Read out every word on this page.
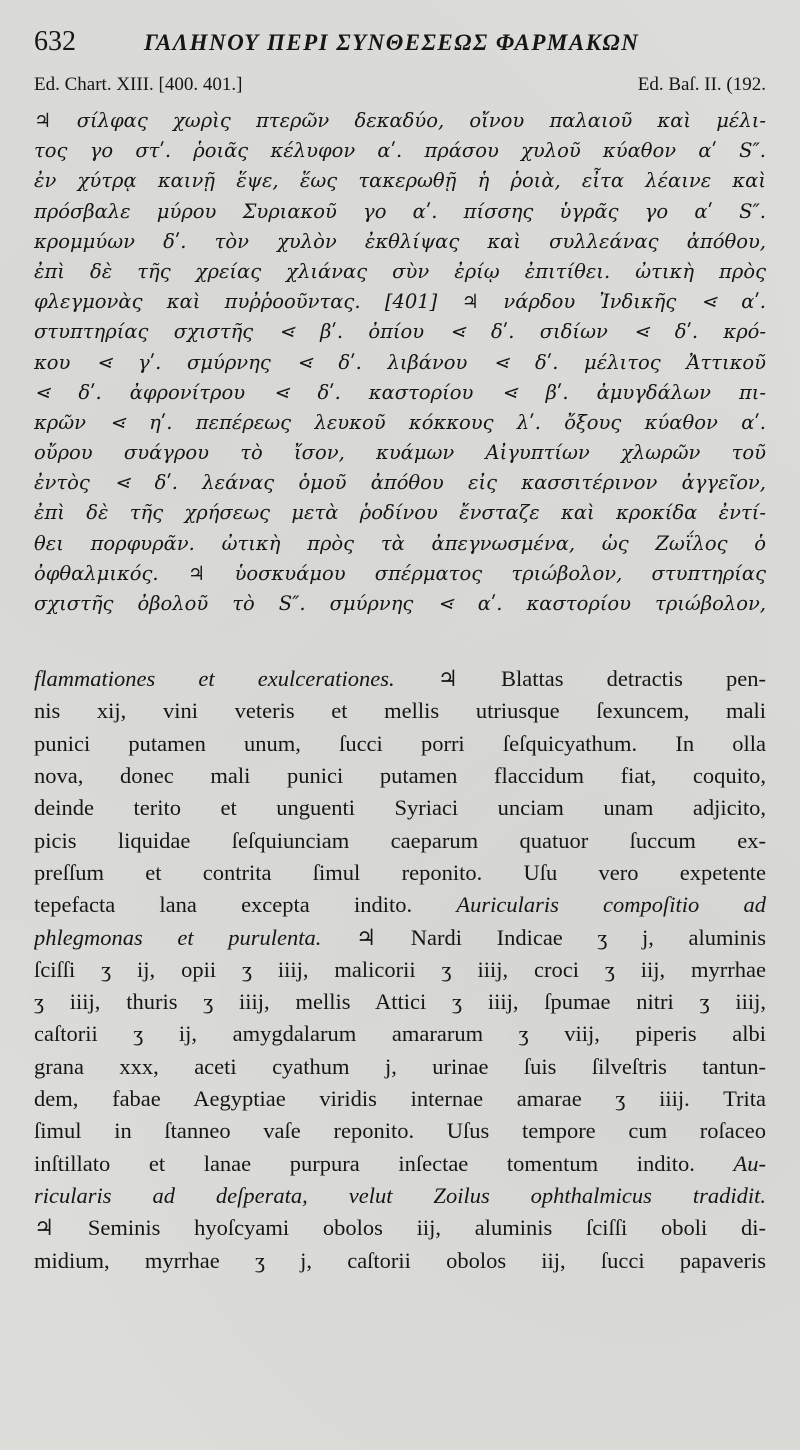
632	ΓΑΛΗΝΟΥ ΠΕΡΙ ΣΥΝΘΕΣΕΩΣ ΦΑΡΜΑΚΩΝ
Ed. Chart. XIII. [400. 401.]	Ed. Baſ. II. (192.
♃ σίλφας χωρὶς πτερῶν δεκαδύο, οἴνου παλαιοῦ καὶ μέλι-
τος γο στʹ. ῥοιᾶς κέλυφον αʹ. πράσου χυλοῦ κύαθον αʹ S″.
ἐν χύτρᾳ καινῇ ἕψε, ἕως τακερωθῇ ἡ ῥοιὰ, εἶτα λέαινε καὶ
πρόσβαλε μύρου Συριακοῦ γο αʹ. πίσσης ὑγρᾶς γο αʹ S″.
κρομμύων δʹ. τὸν χυλὸν ἐκθλίψας καὶ συλλεάνας ἀπόθου,
ἐπὶ δὲ τῆς χρείας χλιάνας σὺν ἐρίῳ ἐπιτίθει. ὠτικὴ πρὸς
φλεγμονὰς καὶ πυῤῥοοῦντας. [401] ♃ νάρδου Ἰνδικῆς ⋖ αʹ.
στυπτηρίας σχιστῆς ⋖ βʹ. ὀπίου ⋖ δʹ. σιδίων ⋖ δʹ. κρό-
κου ⋖ γʹ. σμύρνης ⋖ δʹ. λιβάνου ⋖ δʹ. μέλιτος Ἀττικοῦ
⋖ δʹ. ἀφρονίτρου ⋖ δʹ. καστορίου ⋖ βʹ. ἀμυγδάλων πι-
κρῶν ⋖ ηʹ. πεπέρεως λευκοῦ κόκκους λʹ. ὄξους κύαθον αʹ.
οὔρου συάγρου τὸ ἴσον, κυάμων Αἰγυπτίων χλωρῶν τοῦ
ἐντὸς ⋖ δʹ. λεάνας ὁμοῦ ἀπόθου εἰς κασσιτέρινον ἀγγεῖον,
ἐπὶ δὲ τῆς χρήσεως μετὰ ῥοδίνου ἔνσταζε καὶ κροκίδα ἐντί-
θει πορφυρᾶν. ὠτικὴ πρὸς τὰ ἀπεγνωσμένα, ὡς Ζωΐλος ὁ
ὀφθαλμικός. ♃ ὑοσκυάμου σπέρματος τριώβολον, στυπτηρίας
σχιστῆς ὀβολοῦ τὸ S″. σμύρνης ⋖ αʹ. καστορίου τριώβολον,
flammationes et exulcerationes. ♃ Blattas detractis pen-
nis xij, vini veteris et mellis utriusque ſexuncem, mali
punici putamen unum, ſucci porri ſeſquicyathum. In olla
nova, donec mali punici putamen flaccidum fiat, coquito,
deinde terito et unguenti Syriaci unciam unam adjicito,
picis liquidae ſeſquiunciam caeparum quatuor ſuccum ex-
preſſum et contrita ſimul reponito. Uſu vero expetente
tepefacta lana excepta indito. Auricularis compoſitio ad
phlegmonas et purulenta. ♃ Nardi Indicae ʒ j, aluminis
ſciſſi ʒ ij, opii ʒ iiij, malicorii ʒ iiij, croci ʒ iij, myrrhae
ʒ iiij, thuris ʒ iiij, mellis Attici ʒ iiij, ſpumae nitri ʒ iiij,
caſtorii ʒ ij, amygdalarum amararum ʒ viij, piperis albi
grana xxx, aceti cyathum j, urinae ſuis ſilveſtris tantun-
dem, fabae Aegyptiae viridis internae amarae ʒ iiij. Trita
ſimul in ſtanneo vaſe reponito. Uſus tempore cum roſaceo
inſtillato et lanae purpura inſectae tomentum indito. Au-
ricularis ad deſperata, velut Zoilus ophthalmicus tradidit.
♃ Seminis hyoſcyami obolos iij, aluminis ſciſſi oboli di-
midium, myrrhae ʒ j, caſtorii obolos iij, ſucci papaveris
